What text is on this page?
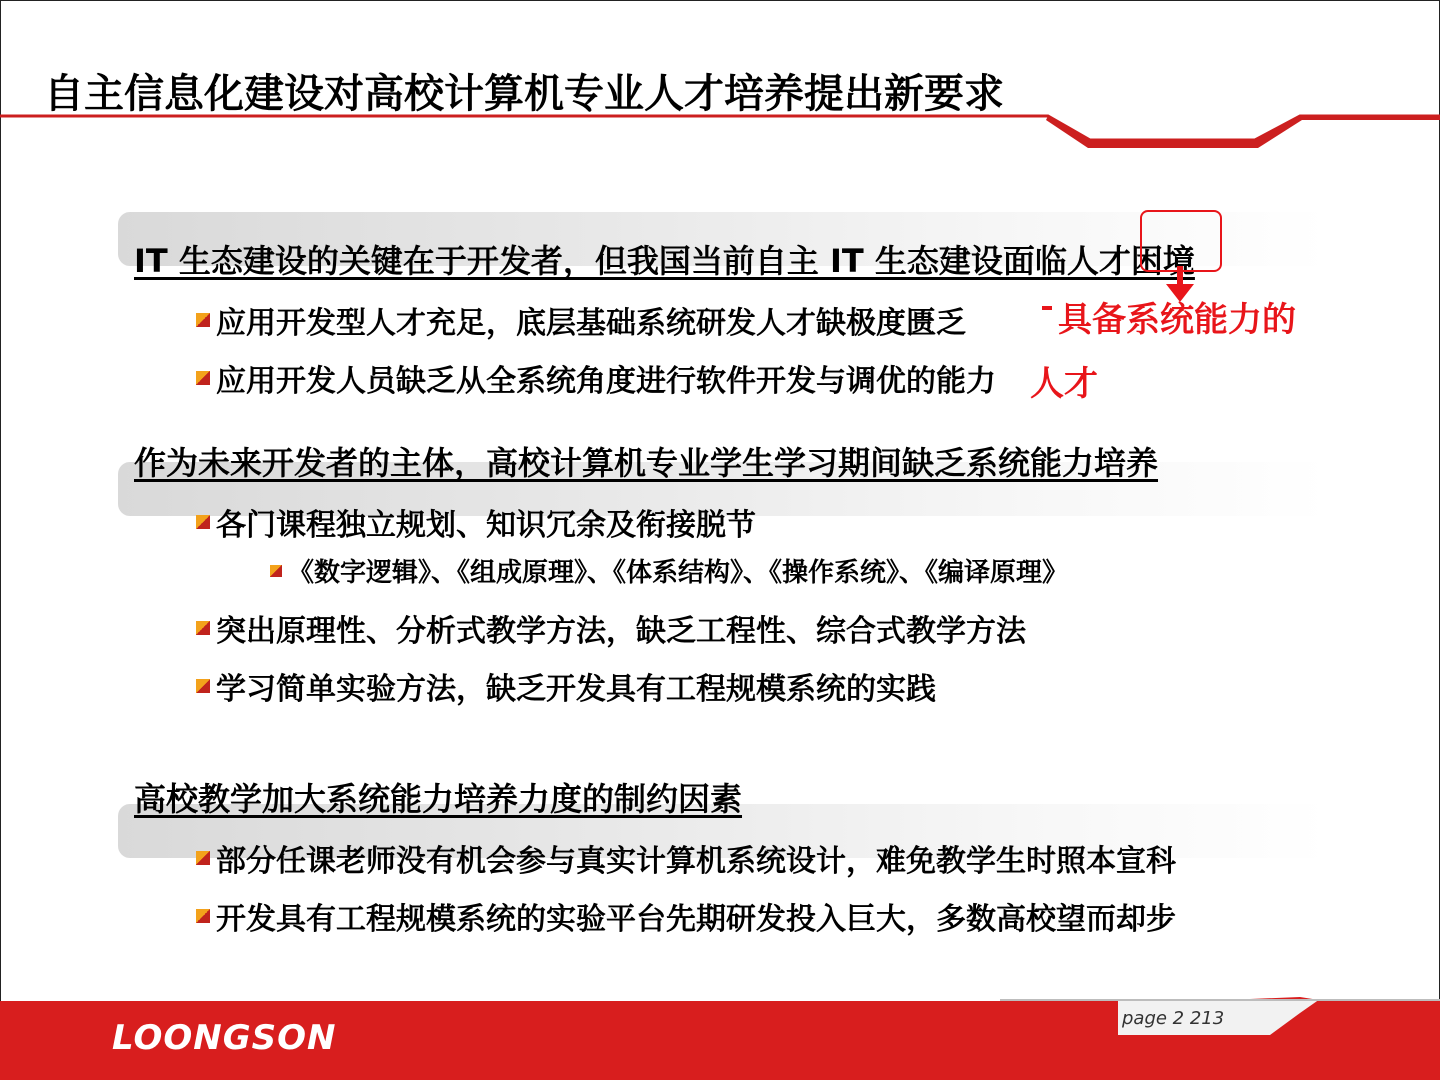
自主信息化建设对高校计算机专业人才培养提出新要求
IT 生态建设的关键在于开发者，但我国当前自主 IT 生态建设面临人才困境
应用开发型人才充足，底层基础系统研发人才缺极度匮乏
应用开发人员缺乏从全系统角度进行软件开发与调优的能力
具备系统能力的
人才
作为未来开发者的主体，高校计算机专业学生学习期间缺乏系统能力培养
各门课程独立规划、知识冗余及衔接脱节
《数字逻辑》、《组成原理》、《体系结构》、《操作系统》、《编译原理》
突出原理性、分析式教学方法，缺乏工程性、综合式教学方法
学习简单实验方法，缺乏开发具有工程规模系统的实践
高校教学加大系统能力培养力度的制约因素
部分任课老师没有机会参与真实计算机系统设计，难免教学生时照本宣科
开发具有工程规模系统的实验平台先期研发投入巨大，多数高校望而却步
LOONGSON	page 2 213
